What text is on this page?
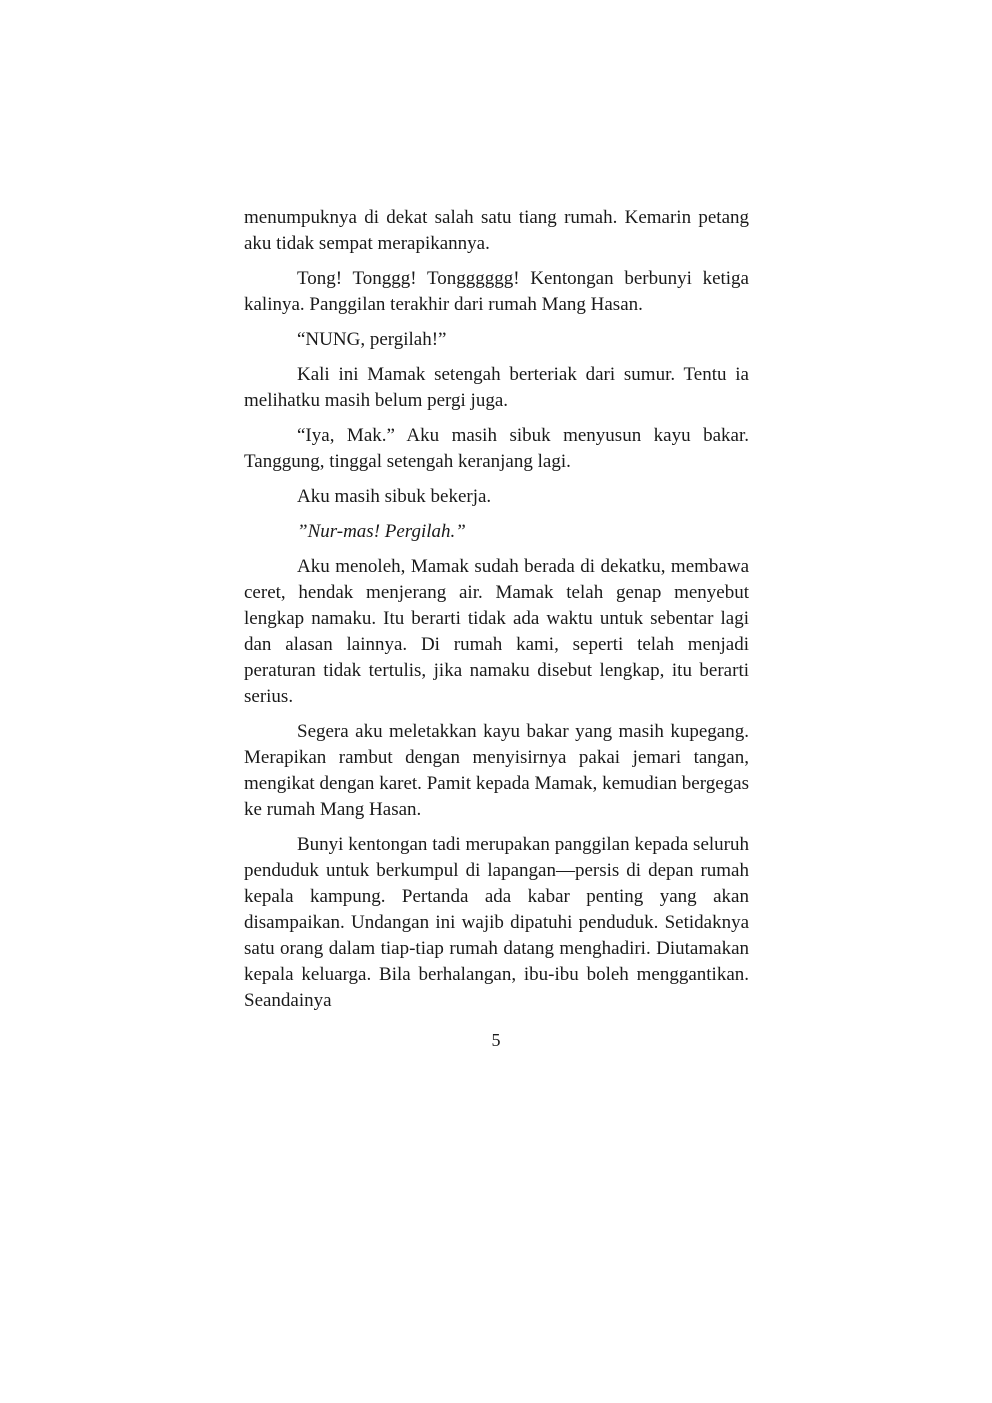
menumpuknya di dekat salah satu tiang rumah. Kemarin petang aku tidak sempat merapikannya.

Tong! Tonggg! Tongggggg! Kentongan berbunyi ketiga kalinya. Panggilan terakhir dari rumah Mang Hasan.

“NUNG, pergilah!”

Kali ini Mamak setengah berteriak dari sumur. Tentu ia melihatku masih belum pergi juga.

“Iya, Mak.” Aku masih sibuk menyusun kayu bakar. Tanggung, tinggal setengah keranjang lagi.

Aku masih sibuk bekerja.

”Nur-mas! Pergilah.”

Aku menoleh, Mamak sudah berada di dekatku, membawa ceret, hendak menjerang air. Mamak telah genap menyebut lengkap namaku. Itu berarti tidak ada waktu untuk sebentar lagi dan alasan lainnya. Di rumah kami, seperti telah menjadi peraturan tidak tertulis, jika namaku disebut lengkap, itu berarti serius.

Segera aku meletakkan kayu bakar yang masih kupegang. Merapikan rambut dengan menyisirnya pakai jemari tangan, mengikat dengan karet. Pamit kepada Mamak, kemudian bergegas ke rumah Mang Hasan.

Bunyi kentongan tadi merupakan panggilan kepada seluruh penduduk untuk berkumpul di lapangan—persis di depan rumah kepala kampung. Pertanda ada kabar penting yang akan disampaikan. Undangan ini wajib dipatuhi penduduk. Setidaknya satu orang dalam tiap-tiap rumah datang menghadiri. Diutamakan kepala keluarga. Bila berhalangan, ibu-ibu boleh menggantikan. Seandainya

5
